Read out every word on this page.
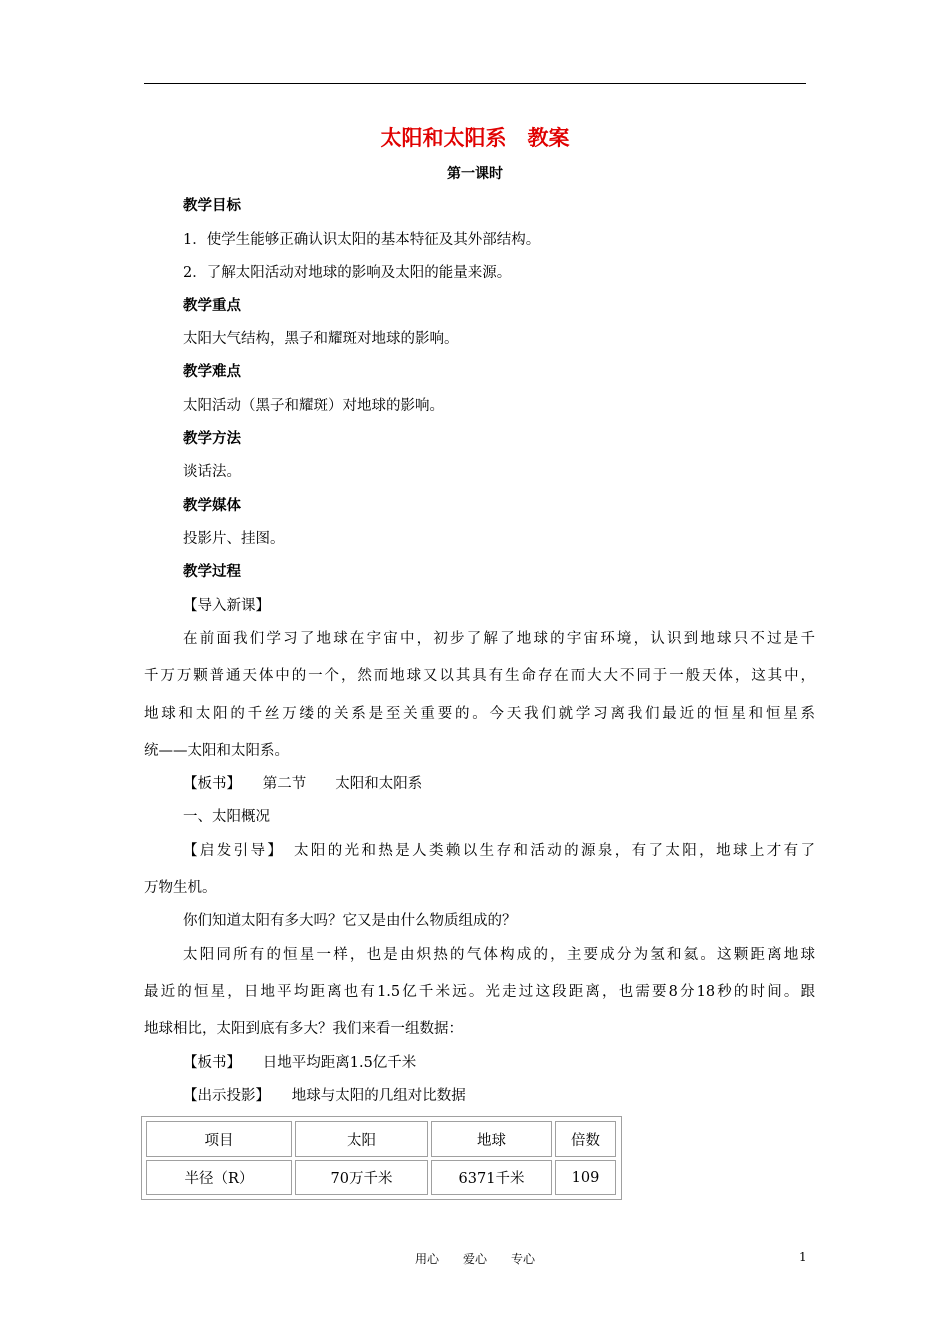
太阳和太阳系　教案
第一课时
教学目标
1．使学生能够正确认识太阳的基本特征及其外部结构。
2．了解太阳活动对地球的影响及太阳的能量来源。
教学重点
太阳大气结构，黑子和耀斑对地球的影响。
教学难点
太阳活动（黑子和耀斑）对地球的影响。
教学方法
谈话法。
教学媒体
投影片、挂图。
教学过程
【导入新课】
在前面我们学习了地球在宇宙中，初步了解了地球的宇宙环境，认识到地球只不过是千
千万万颗普通天体中的一个，然而地球又以其具有生命存在而大大不同于一般天体，这其中，
地球和太阳的千丝万缕的关系是至关重要的。今天我们就学习离我们最近的恒星和恒星系
统——太阳和太阳系。
【板书】　　第二节　　太阳和太阳系
一、太阳概况
【启发引导】　太阳的光和热是人类赖以生存和活动的源泉，有了太阳，地球上才有了
万物生机。
你们知道太阳有多大吗？它又是由什么物质组成的？
太阳同所有的恒星一样，也是由炽热的气体构成的，主要成分为氢和氦。这颗距离地球
最近的恒星，日地平均距离也有1.5亿千米远。光走过这段距离，也需要8分18秒的时间。跟
地球相比，太阳到底有多大？我们来看一组数据：
【板书】　　日地平均距离1.5亿千米
【出示投影】　　地球与太阳的几组对比数据
项目	太阳	地球	倍数
半径（R）	70万千米	6371千米	109
用心　　爱心　　专心	1
